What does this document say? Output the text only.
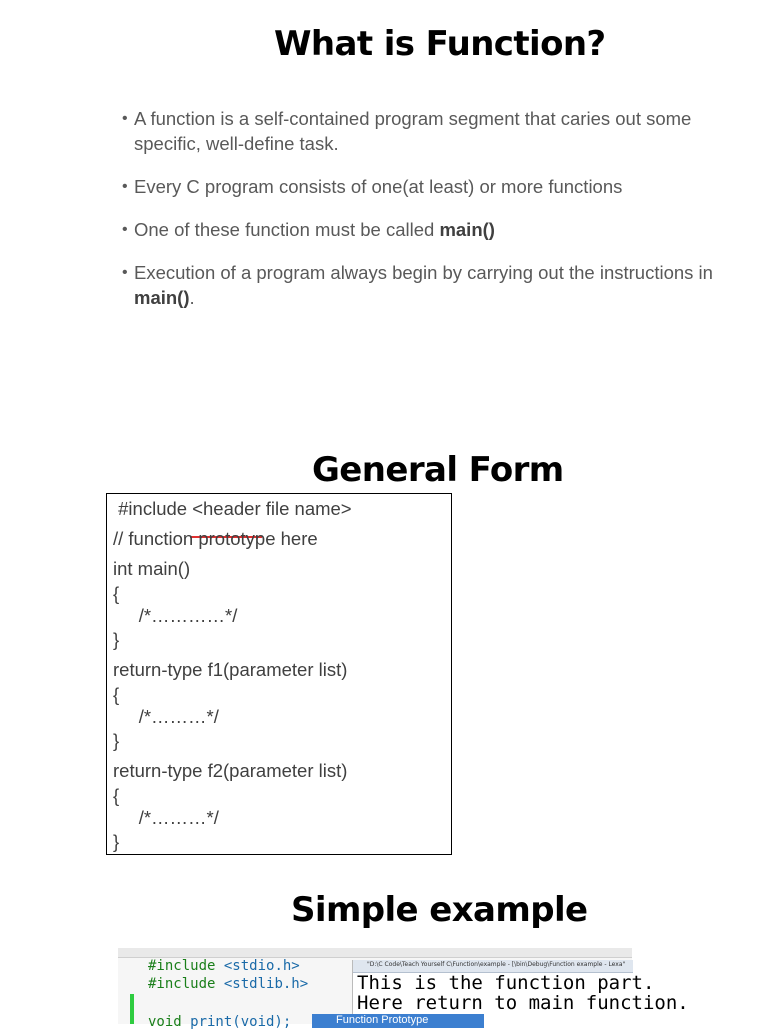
What is Function?
• A function is a self-contained program segment that caries out some specific, well-define task.
• Every C program consists of one(at least) or more functions
• One of these function must be called main()
• Execution of a program always begin by carrying out the instructions in main().
General Form
#include <header file name>
// function prototype here
int main()
{
/*…………*/
}
return-type f1(parameter list)
{
/*………*/
}
return-type f2(parameter list)
{
/*………*/
}
Simple example
#include <stdio.h>
#include <stdlib.h>
void print(void);
"D:\C Code\Teach Yourself C\Function\example - [\bin\Debug\Function example - Lexa"
This is the function part.
Here return to main function.
Function Prototype
